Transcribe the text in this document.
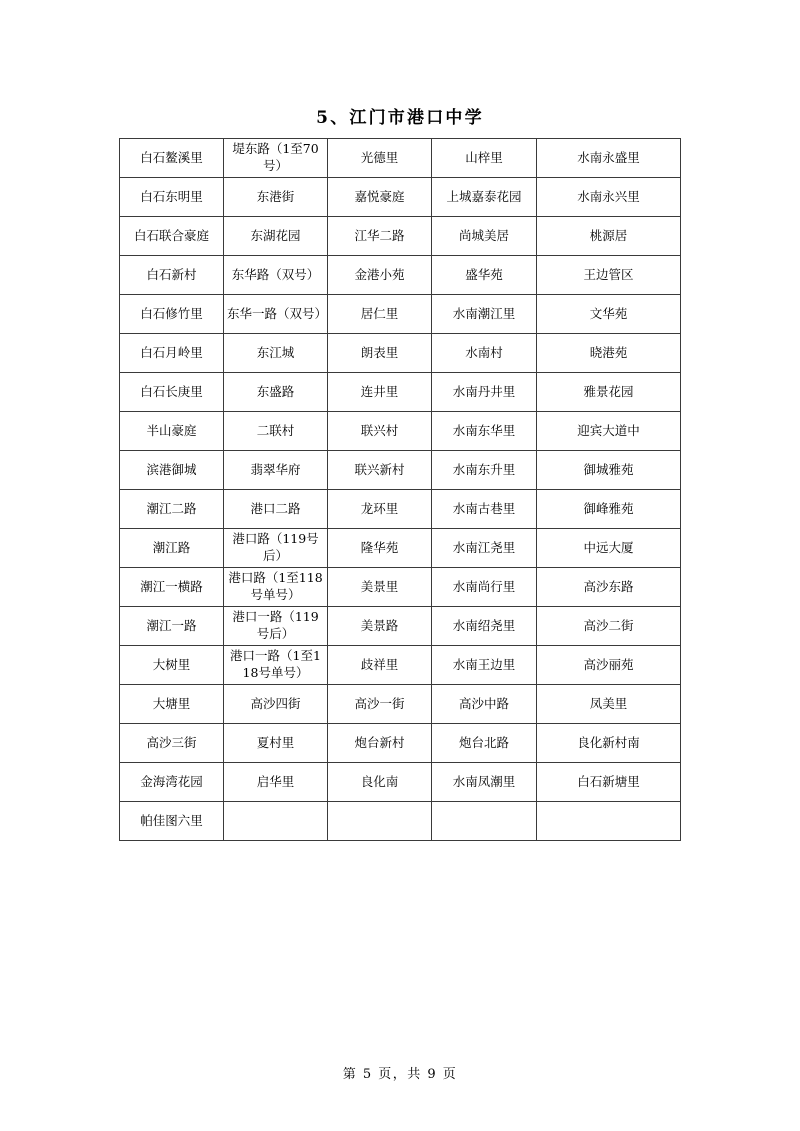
5、江门市港口中学
白石鳌溪里	堤东路（1至70号）	光德里	山梓里	水南永盛里
白石东明里	东港街	嘉悦豪庭	上城嘉泰花园	水南永兴里
白石联合豪庭	东湖花园	江华二路	尚城美居	桃源居
白石新村	东华路（双号）	金港小苑	盛华苑	王边管区
白石修竹里	东华一路（双号）	居仁里	水南潮江里	文华苑
白石月岭里	东江城	朗表里	水南村	晓港苑
白石长庚里	东盛路	连井里	水南丹井里	雅景花园
半山豪庭	二联村	联兴村	水南东华里	迎宾大道中
滨港御城	翡翠华府	联兴新村	水南东升里	御城雅苑
潮江二路	港口二路	龙环里	水南古巷里	御峰雅苑
潮江路	港口路（119号后）	隆华苑	水南江尧里	中远大厦
潮江一横路	港口路（1至118号单号）	美景里	水南尚行里	高沙东路
潮江一路	港口一路（119号后）	美景路	水南绍尧里	高沙二街
大树里	港口一路（1至118号单号）	歧祥里	水南王边里	高沙丽苑
大塘里	高沙四街	高沙一街	高沙中路	凤美里
高沙三街	夏村里	炮台新村	炮台北路	良化新村南
金海湾花园	启华里	良化南	水南凤潮里	白石新塘里
帕佳图六里				
第 5 页，共 9 页
